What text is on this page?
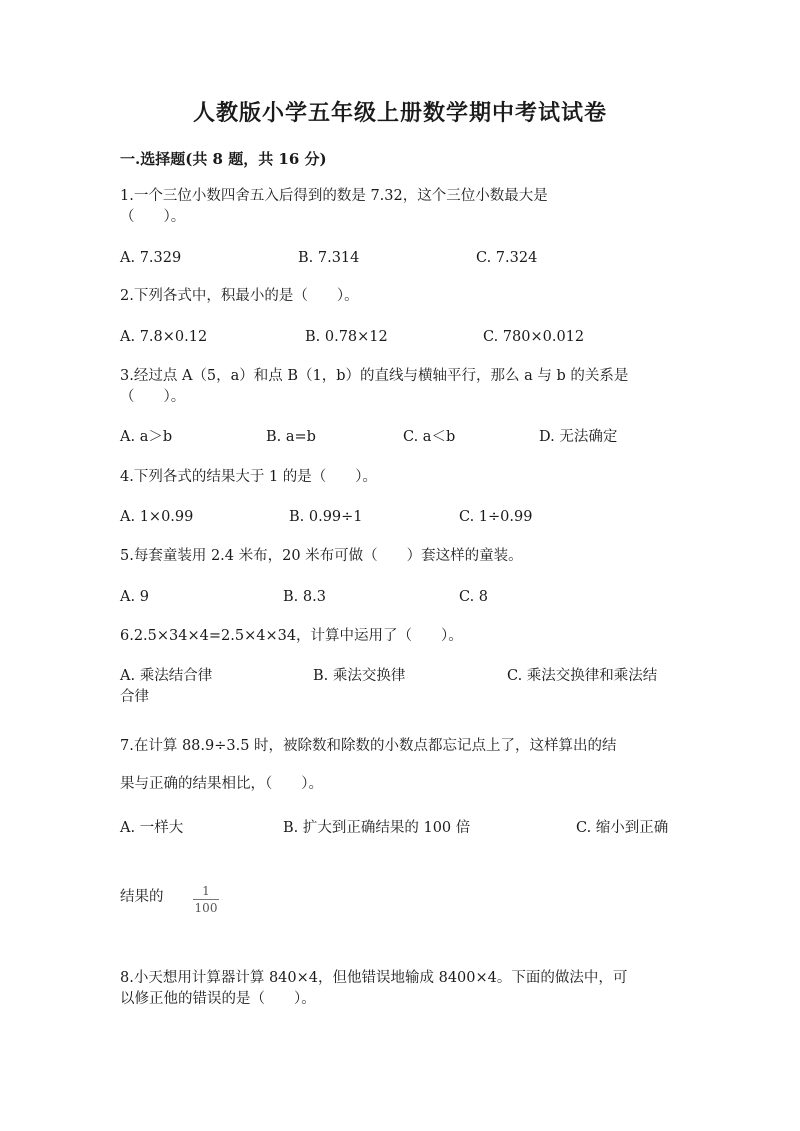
人教版小学五年级上册数学期中考试试卷
一.选择题(共 8 题，共 16 分)
1.一个三位小数四舍五入后得到的数是 7.32，这个三位小数最大是
（　　）。
A. 7.329	B. 7.314	C. 7.324
2.下列各式中，积最小的是（　　）。
A. 7.8×0.12	B. 0.78×12	C. 780×0.012
3.经过点 A（5，a）和点 B（1，b）的直线与横轴平行，那么 a 与 b 的关系是
（　　）。
A. a＞b	B. a=b	C. a＜b	D. 无法确定
4.下列各式的结果大于 1 的是（　　）。
A. 1×0.99	B. 0.99÷1	C. 1÷0.99
5.每套童装用 2.4 米布，20 米布可做（　　）套这样的童装。
A. 9	B. 8.3	C. 8
6.2.5×34×4=2.5×4×34，计算中运用了（　　）。
A. 乘法结合律	B. 乘法交换律	C. 乘法交换律和乘法结
合律
7.在计算 88.9÷3.5 时，被除数和除数的小数点都忘记点上了，这样算出的结
果与正确的结果相比，（　　）。
A. 一样大	B. 扩大到正确结果的 100 倍	C. 缩小到正确
结果的	1
100
8.小天想用计算器计算 840×4，但他错误地输成 8400×4。下面的做法中，可
以修正他的错误的是（　　）。
